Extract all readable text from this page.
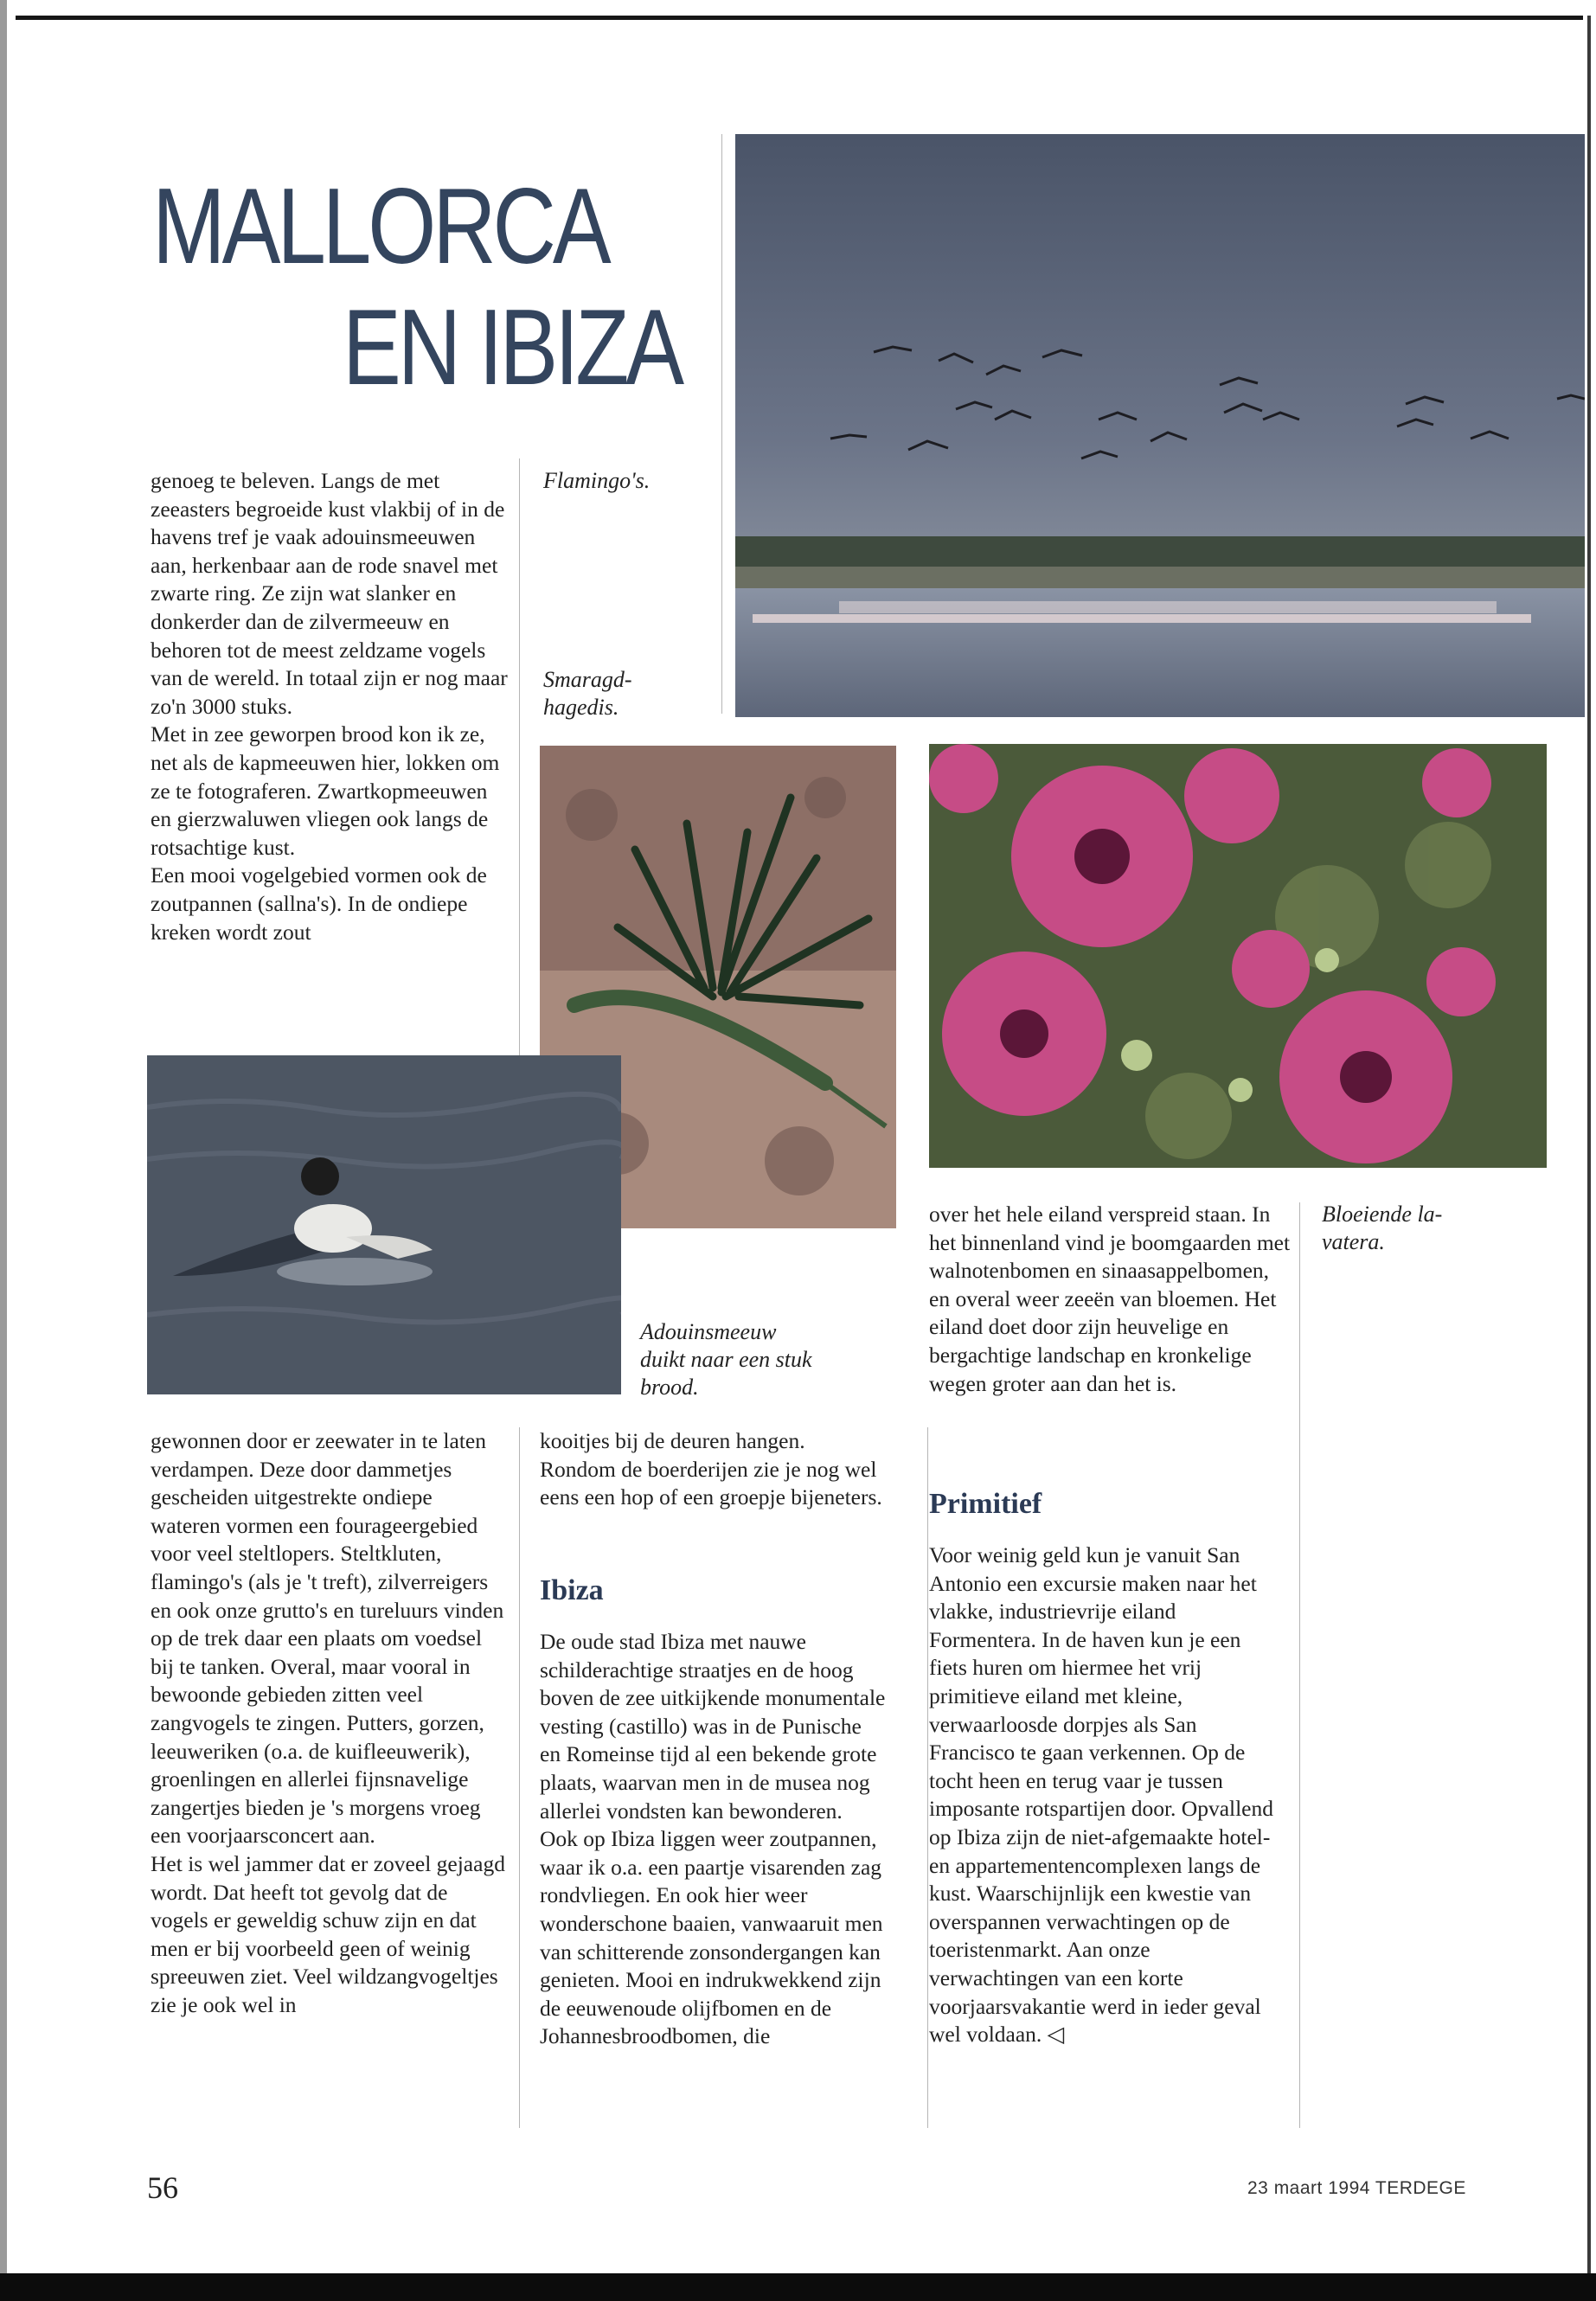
MALLORCA
EN IBIZA
Flamingo's.
Smaragd-
hagedis.
genoeg te beleven. Langs de met zeeasters begroeide kust vlakbij of in de havens tref je vaak adouinsmeeuwen aan, herkenbaar aan de rode snavel met zwarte ring. Ze zijn wat slanker en donkerder dan de zilvermeeuw en behoren tot de meest zeldzame vogels van de wereld. In totaal zijn er nog maar zo'n 3000 stuks.
Met in zee geworpen brood kon ik ze, net als de kapmeeuwen hier, lokken om ze te fotograferen. Zwartkopmeeuwen en gierzwaluwen vliegen ook langs de rotsachtige kust.
Een mooi vogelgebied vormen ook de zoutpannen (sallna's). In de ondiepe kreken wordt zout
Adouinsmeeuw
duikt naar een stuk
brood.
over het hele eiland verspreid staan. In het binnenland vind je boomgaarden met walnotenbomen en sinaasappelbomen, en overal weer zeeën van bloemen. Het eiland doet door zijn heuvelige en bergachtige landschap en kronkelige wegen groter aan dan het is.
Bloeiende la-
vatera.
gewonnen door er zeewater in te laten verdampen. Deze door dammetjes gescheiden uitgestrekte ondiepe wateren vormen een fourageergebied voor veel steltlopers. Steltkluten, flamingo's (als je 't treft), zilverreigers en ook onze grutto's en tureluurs vinden op de trek daar een plaats om voedsel bij te tanken. Overal, maar vooral in bewoonde gebieden zitten veel zangvogels te zingen. Putters, gorzen, leeuweriken (o.a. de kuifleeuwerik), groenlingen en allerlei fijnsnavelige zangertjes bieden je 's morgens vroeg een voorjaarsconcert aan.
Het is wel jammer dat er zoveel gejaagd wordt. Dat heeft tot gevolg dat de vogels er geweldig schuw zijn en dat men er bij voorbeeld geen of weinig spreeuwen ziet. Veel wildzangvogeltjes zie je ook wel in
kooitjes bij de deuren hangen. Rondom de boerderijen zie je nog wel eens een hop of een groepje bijeneters.
Ibiza
De oude stad Ibiza met nauwe schilderachtige straatjes en de hoog boven de zee uitkijkende monumentale vesting (castillo) was in de Punische en Romeinse tijd al een bekende grote plaats, waarvan men in de musea nog allerlei vondsten kan bewonderen. Ook op Ibiza liggen weer zoutpannen, waar ik o.a. een paartje visarenden zag rondvliegen. En ook hier weer wonderschone baaien, vanwaaruit men van schitterende zonsondergangen kan genieten. Mooi en indrukwekkend zijn de eeuwenoude olijfbomen en de Johannesbroodbomen, die
Primitief
Voor weinig geld kun je vanuit San Antonio een excursie maken naar het vlakke, industrievrije eiland Formentera. In de haven kun je een fiets huren om hiermee het vrij primitieve eiland met kleine, verwaarloosde dorpjes als San Francisco te gaan verkennen. Op de tocht heen en terug vaar je tussen imposante rotspartijen door. Opvallend op Ibiza zijn de niet-afgemaakte hotel- en appartementencomplexen langs de kust. Waarschijnlijk een kwestie van overspannen verwachtingen op de toeristenmarkt. Aan onze verwachtingen van een korte voorjaarsvakantie werd in ieder geval wel voldaan. ◁
56	23 maart 1994 TERDEGE
